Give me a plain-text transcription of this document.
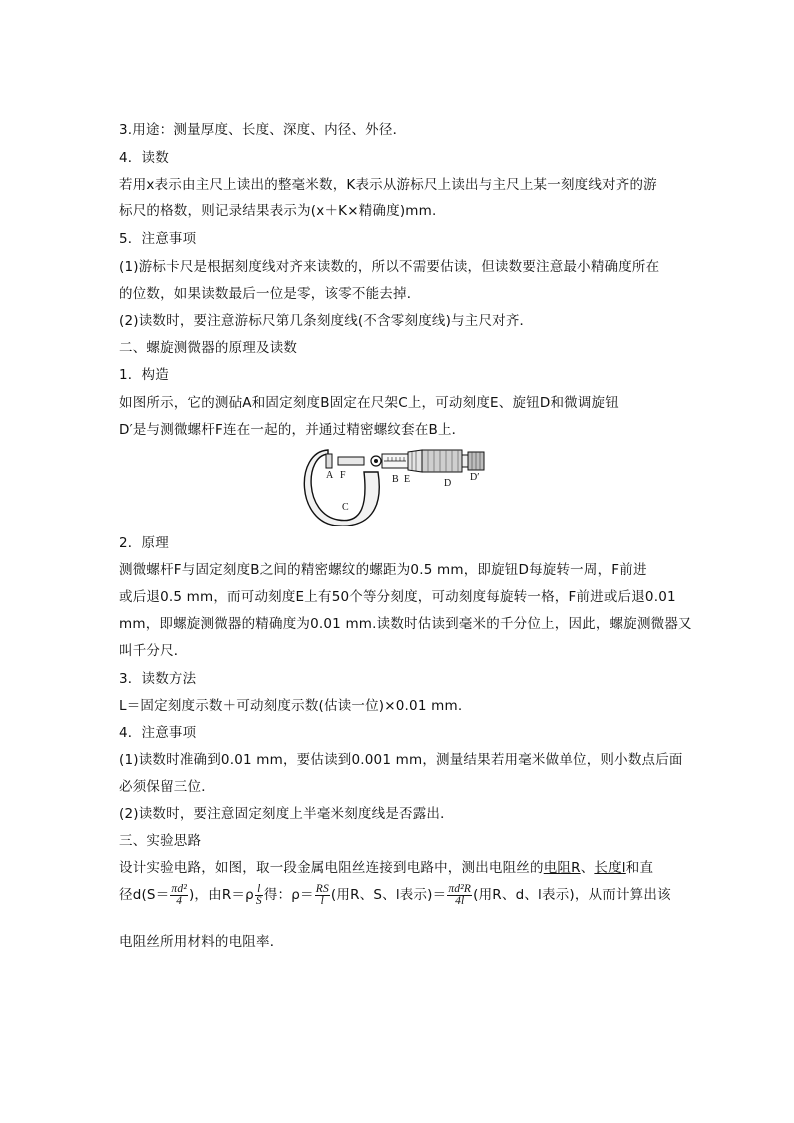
3.用途：测量厚度、长度、深度、内径、外径．
4．读数
若用x表示由主尺上读出的整毫米数，K表示从游标尺上读出与主尺上某一刻度线对齐的游
标尺的格数，则记录结果表示为(x＋K×精确度)mm.
5．注意事项
(1)游标卡尺是根据刻度线对齐来读数的，所以不需要估读，但读数要注意最小精确度所在
的位数，如果读数最后一位是零，该零不能去掉．
(2)读数时，要注意游标尺第几条刻度线(不含零刻度线)与主尺对齐．
二、螺旋测微器的原理及读数
1．构造
如图所示，它的测砧A和固定刻度B固定在尺架C上，可动刻度E、旋钮D和微调旋钮
D′是与测微螺杆F连在一起的，并通过精密螺纹套在B上．
A F	B E	D
D′
C
2．原理
测微螺杆F与固定刻度B之间的精密螺纹的螺距为0.5 mm，即旋钮D每旋转一周，F前进
或后退0.5 mm，而可动刻度E上有50个等分刻度，可动刻度每旋转一格，F前进或后退0.01
mm，即螺旋测微器的精确度为0.01 mm.读数时估读到毫米的千分位上，因此，螺旋测微器又
叫千分尺．
3．读数方法
L＝固定刻度示数＋可动刻度示数(估读一位)×0.01 mm.
4．注意事项
(1)读数时准确到0.01 mm，要估读到0.001 mm，测量结果若用毫米做单位，则小数点后面
必须保留三位．
(2)读数时，要注意固定刻度上半毫米刻度线是否露出．
三、实验思路
设计实验电路，如图，取一段金属电阻丝连接到电路中，测出电阻丝的电阻R、长度l和直
径$d(S= \frac{\text{πd²}}{4}$ )，由$R=\rho \frac{l}{S}$ 得：$\rho= \frac{RS}{l}$ (用R、S、l表示)＝ $\frac{\text{πd²R}}{4l}$ (用R、d、l表示)，从而计算出该
电阻丝所用材料的电阻率．
